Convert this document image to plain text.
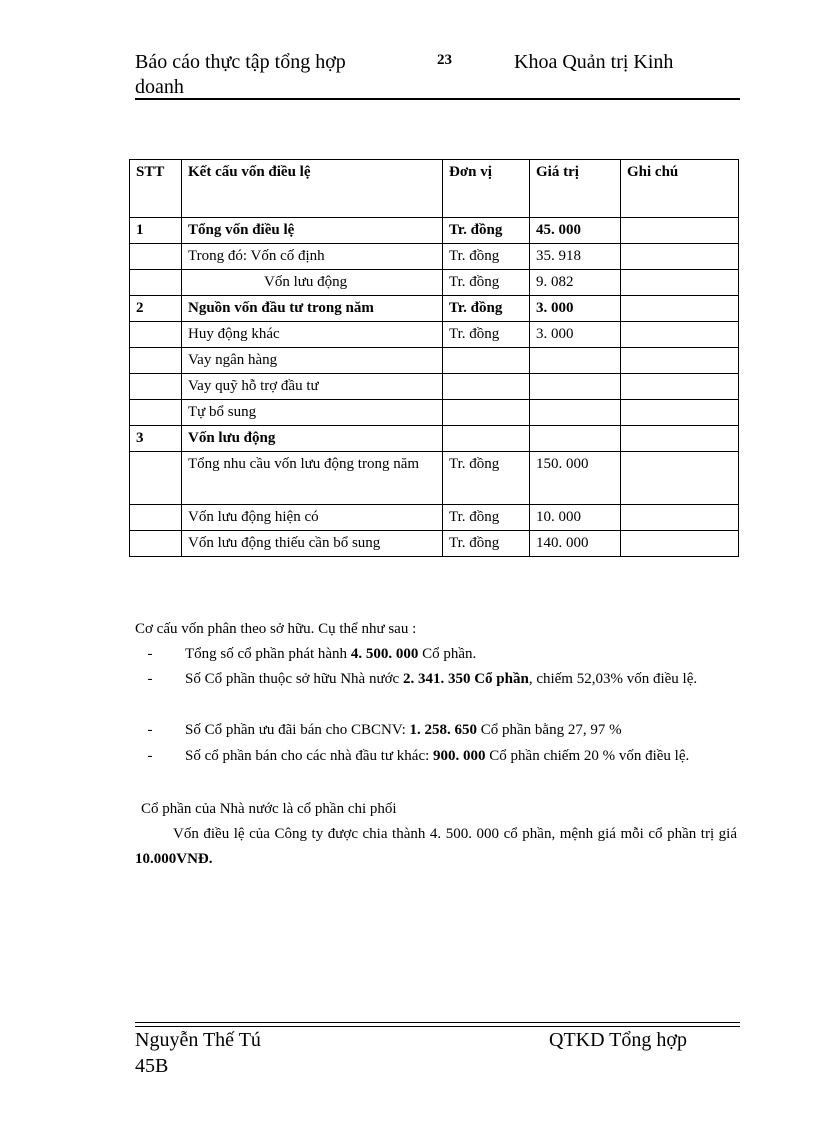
Báo cáo thực tập tổng hợp
doanh
23	Khoa Quản trị Kinh
STT	Kết cấu vốn điều lệ	Đơn vị	Giá trị	Ghi chú
1	Tổng vốn điều lệ	Tr. đồng	45. 000	
	Trong đó: Vốn cố định	Tr. đồng	35. 918	
	Vốn lưu động	Tr. đồng	9. 082	
2	Nguồn vốn đầu tư trong năm	Tr. đồng	3. 000	
	Huy động khác	Tr. đồng	3. 000	
	Vay ngân hàng			
	Vay quỹ hỗ trợ đầu tư			
	Tự bổ sung			
3	Vốn lưu động			
	Tổng nhu cầu vốn lưu động trong năm	Tr. đồng	150. 000	
	Vốn lưu động hiện có	Tr. đồng	10. 000	
	Vốn lưu động thiếu cần bổ sung	Tr. đồng	140. 000	
Cơ cấu vốn phân theo sở hữu. Cụ thể như sau :
- Tổng số cổ phần phát hành 4. 500. 000 Cổ phần.
- Số Cổ phần thuộc sở hữu Nhà nước 2. 341. 350 Cổ phần, chiếm 52,03% vốn điều lệ.
- Số Cổ phần ưu đãi bán cho CBCNV: 1. 258. 650 Cổ phần bằng 27, 97 %
- Số cổ phần bán cho các nhà đầu tư khác: 900. 000 Cổ phần chiếm 20 % vốn điều lệ.
Cổ phần của Nhà nước là cổ phần chi phối
Vốn điều lệ của Công ty được chia thành 4. 500. 000 cổ phần, mệnh giá mỗi cổ phần trị giá 10.000VNĐ.
Nguyễn Thế Tú
45B
QTKD Tổng hợp
